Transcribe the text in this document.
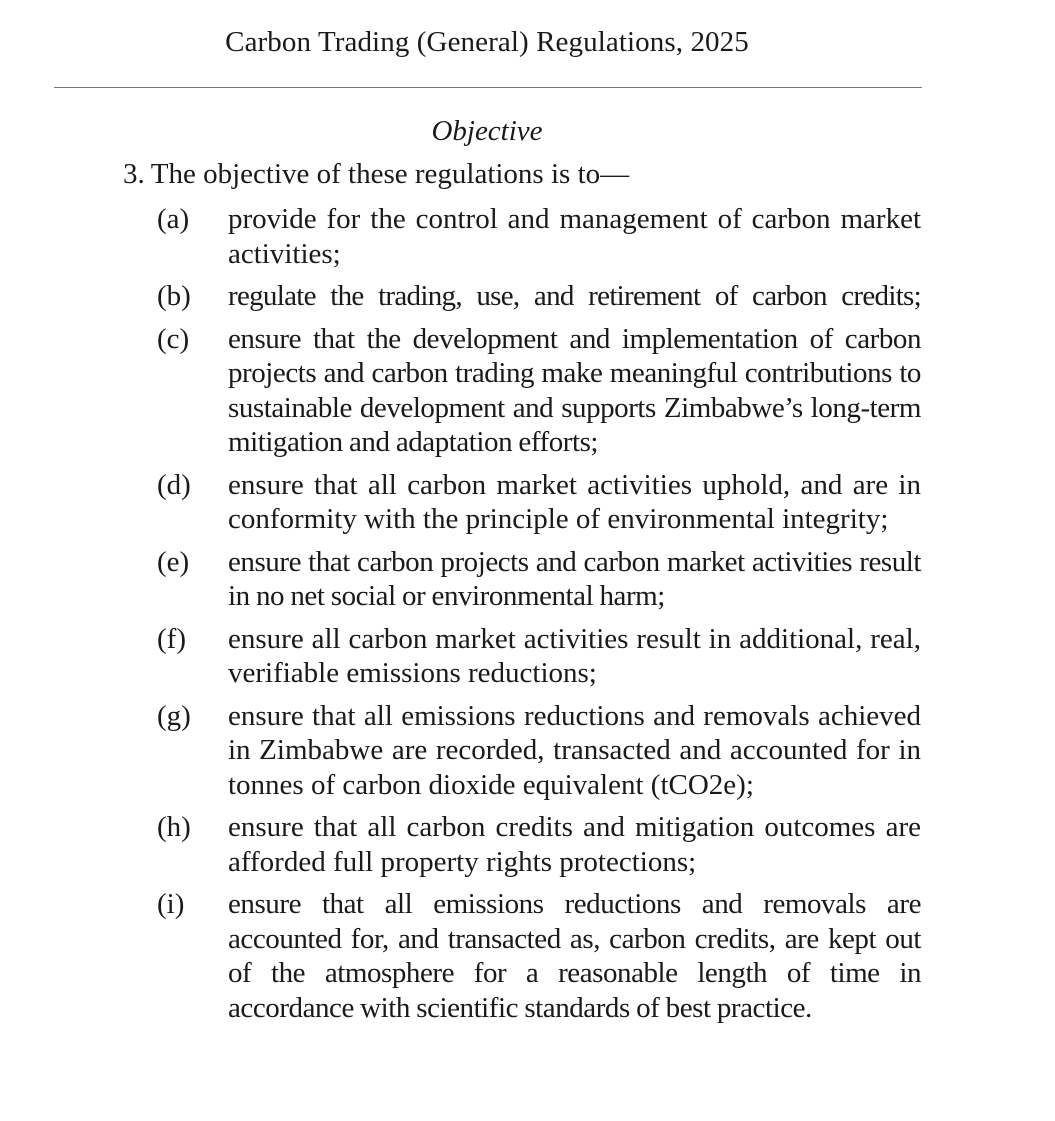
Carbon Trading (General) Regulations, 2025
Objective
3. The objective of these regulations is to—
(a)	provide for the control and management of carbon market activities;
(b)	regulate the trading, use, and retirement of carbon credits;
(c)	ensure that the development and implementation of carbon projects and carbon trading make meaningful contributions to sustainable development and supports Zimbabwe’s long-term mitigation and adaptation efforts;
(d)	ensure that all carbon market activities uphold, and are in conformity with the principle of environmental integrity;
(e)	ensure that carbon projects and carbon market activities result in no net social or environmental harm;
(f)	ensure all carbon market activities result in additional, real, verifiable emissions reductions;
(g)	ensure that all emissions reductions and removals achieved in Zimbabwe are recorded, transacted and accounted for in tonnes of carbon dioxide equivalent (tCO2e);
(h)	ensure that all carbon credits and mitigation outcomes are afforded full property rights protections;
(i)	ensure that all emissions reductions and removals are accounted for, and transacted as, carbon credits, are kept out of the atmosphere for a reasonable length of time in accordance with scientific standards of best practice.
